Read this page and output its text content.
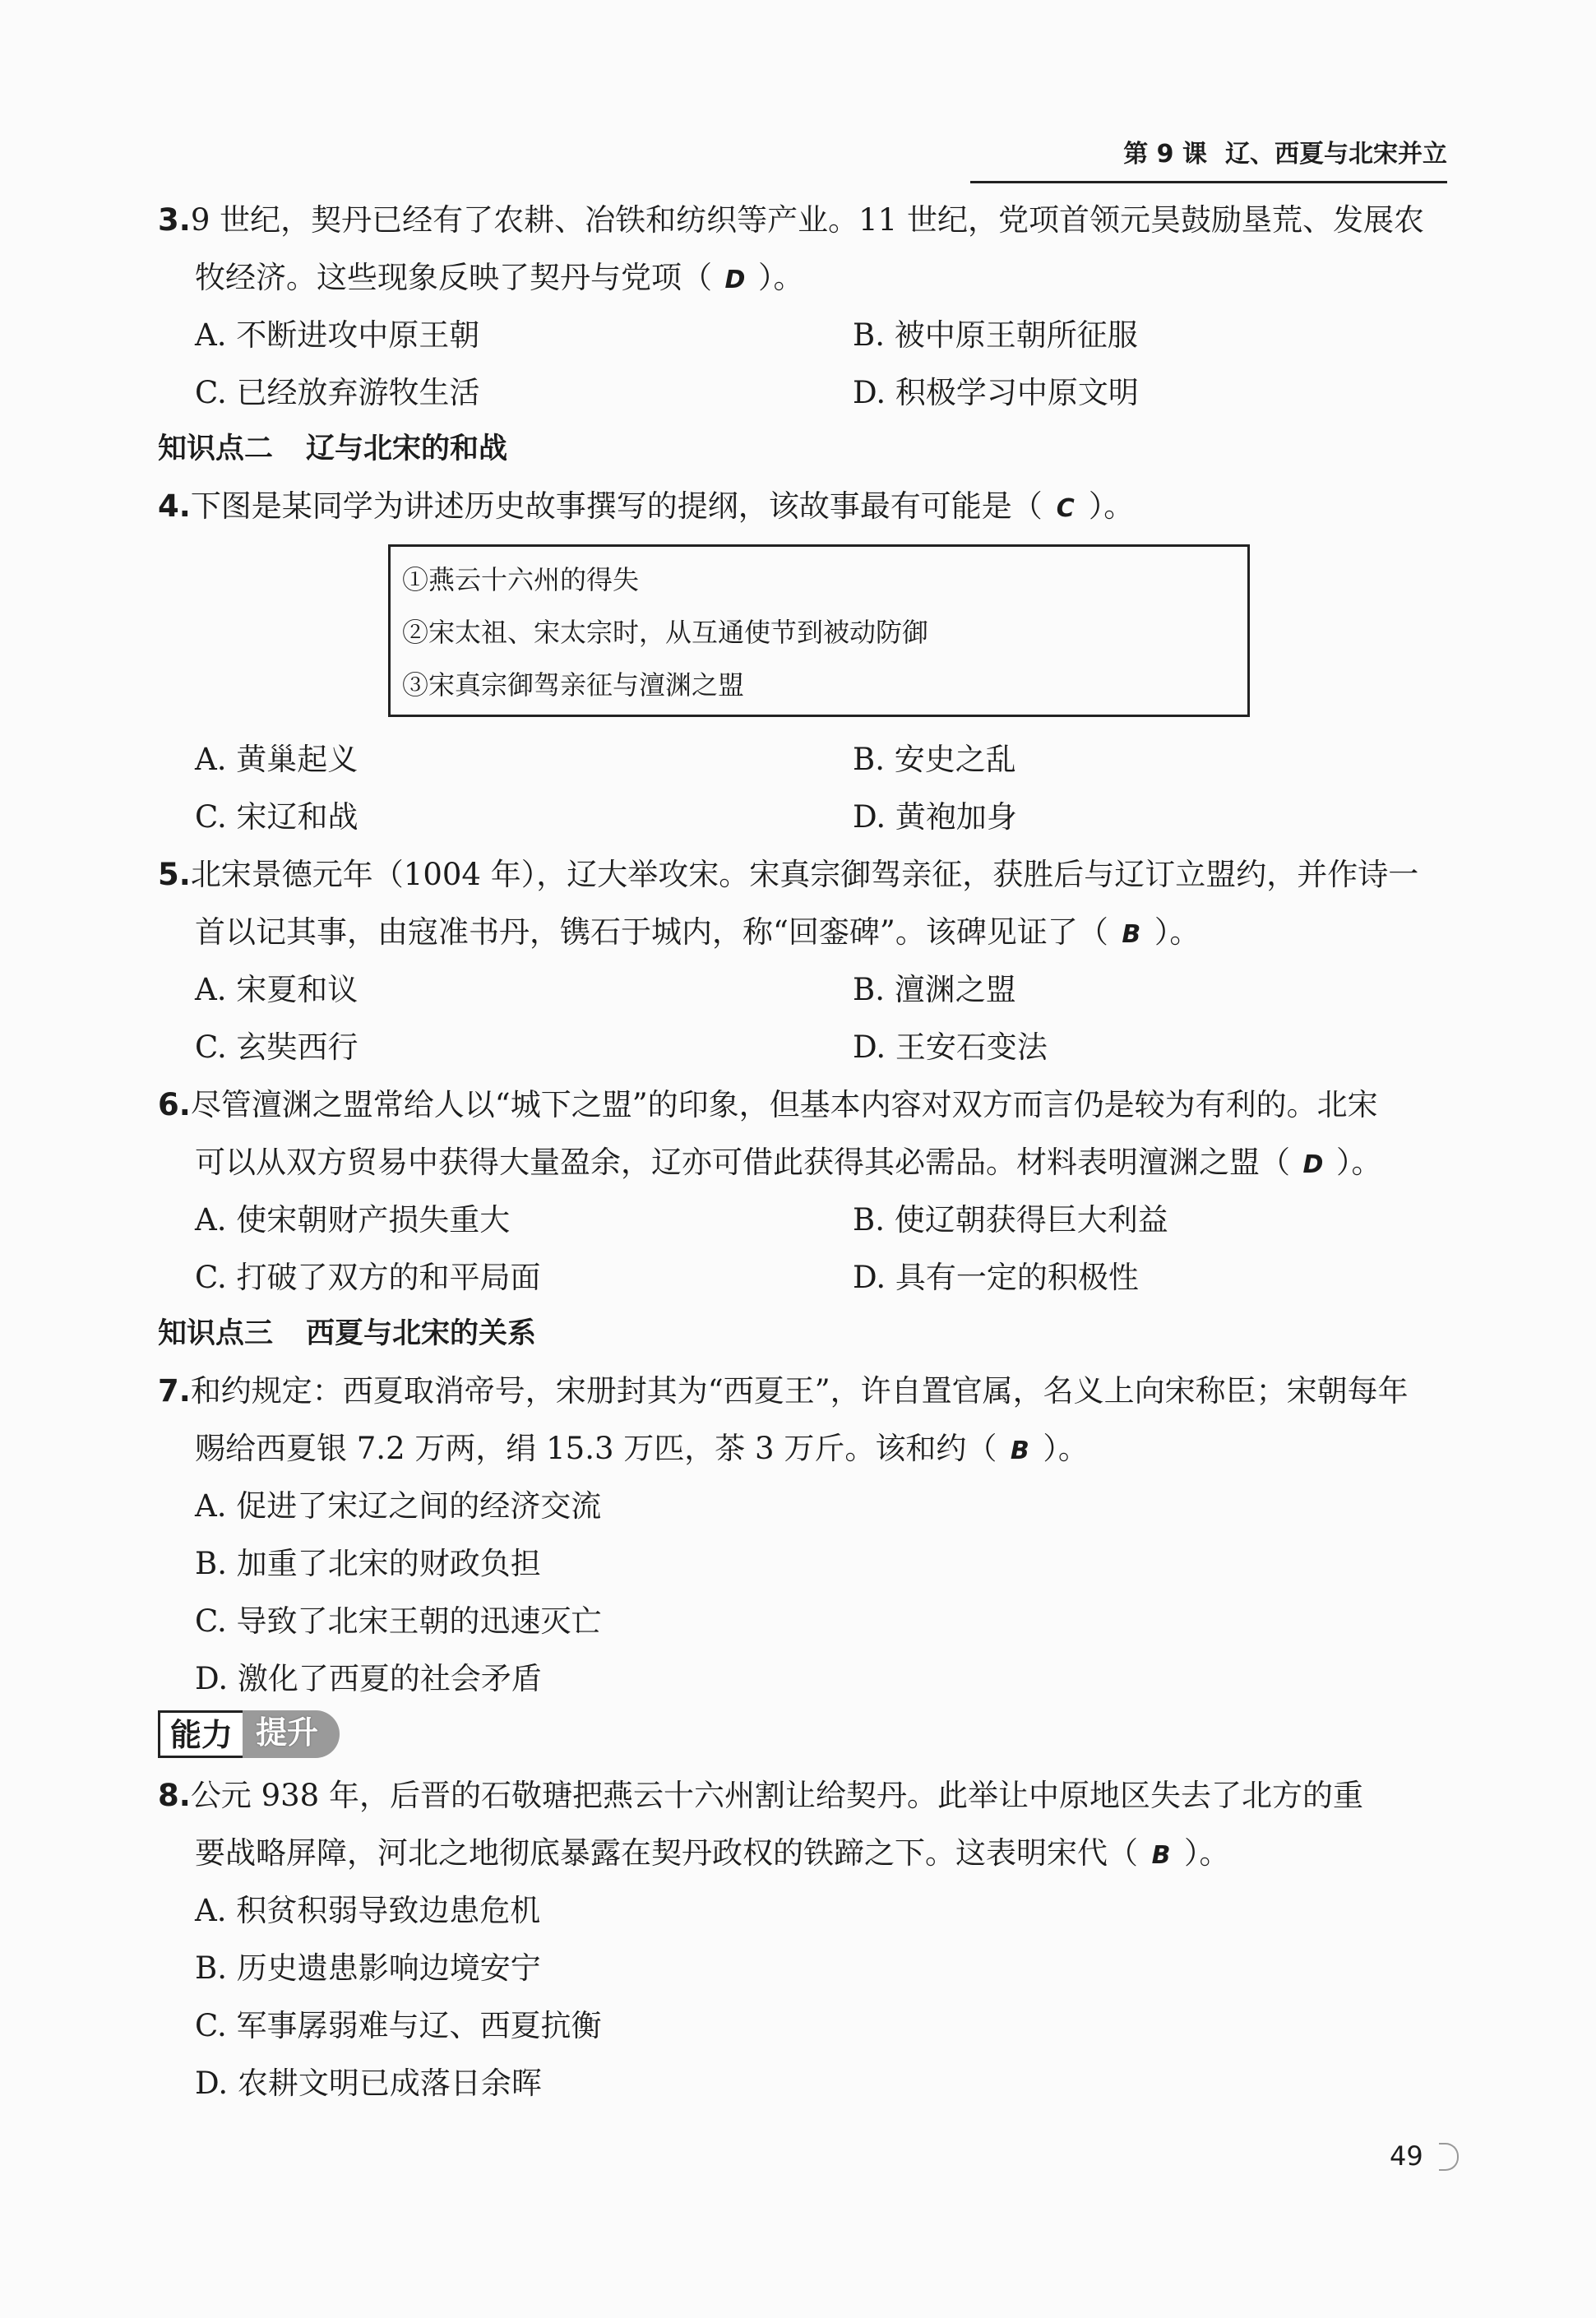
第 9 课 辽、西夏与北宋并立
3.9 世纪，契丹已经有了农耕、冶铁和纺织等产业。11 世纪，党项首领元昊鼓励垦荒、发展农
牧经济。这些现象反映了契丹与党项（ D ）。
A. 不断进攻中原王朝	B. 被中原王朝所征服
C. 已经放弃游牧生活	D. 积极学习中原文明
知识点二 辽与北宋的和战
4.下图是某同学为讲述历史故事撰写的提纲，该故事最有可能是（ C ）。
①燕云十六州的得失
②宋太祖、宋太宗时，从互通使节到被动防御
③宋真宗御驾亲征与澶渊之盟
A. 黄巢起义	B. 安史之乱
C. 宋辽和战	D. 黄袍加身
5.北宋景德元年（1004 年），辽大举攻宋。宋真宗御驾亲征，获胜后与辽订立盟约，并作诗一
首以记其事，由寇准书丹，镌石于城内，称“回銮碑”。该碑见证了（ B ）。
A. 宋夏和议	B. 澶渊之盟
C. 玄奘西行	D. 王安石变法
6.尽管澶渊之盟常给人以“城下之盟”的印象，但基本内容对双方而言仍是较为有利的。北宋
可以从双方贸易中获得大量盈余，辽亦可借此获得其必需品。材料表明澶渊之盟（ D ）。
A. 使宋朝财产损失重大	B. 使辽朝获得巨大利益
C. 打破了双方的和平局面	D. 具有一定的积极性
知识点三 西夏与北宋的关系
7.和约规定：西夏取消帝号，宋册封其为“西夏王”，许自置官属，名义上向宋称臣；宋朝每年
赐给西夏银 7.2 万两，绢 15.3 万匹，茶 3 万斤。该和约（ B ）。
A. 促进了宋辽之间的经济交流
B. 加重了北宋的财政负担
C. 导致了北宋王朝的迅速灭亡
D. 激化了西夏的社会矛盾
能力 提升
8.公元 938 年，后晋的石敬瑭把燕云十六州割让给契丹。此举让中原地区失去了北方的重
要战略屏障，河北之地彻底暴露在契丹政权的铁蹄之下。这表明宋代（ B ）。
A. 积贫积弱导致边患危机
B. 历史遗患影响边境安宁
C. 军事孱弱难与辽、西夏抗衡
D. 农耕文明已成落日余晖
49
